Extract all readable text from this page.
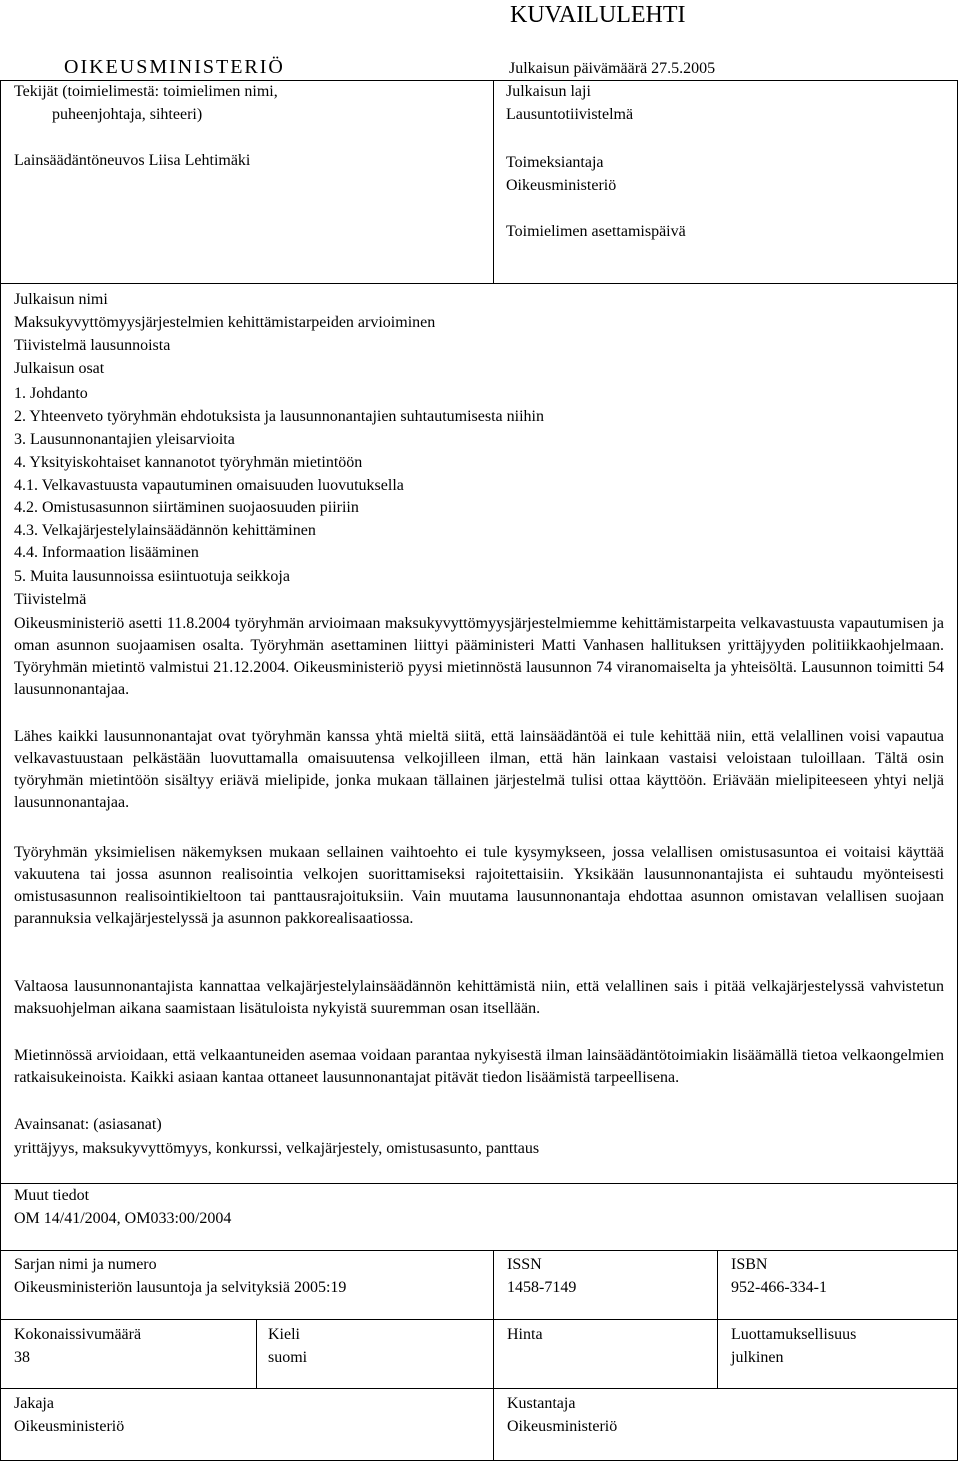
KUVAILULEHTI
OIKEUSMINISTERIÖ	Julkaisun päivämäärä 27.5.2005
Tekijät (toimielimestä: toimielimen nimi,
puheenjohtaja, sihteeri)
Lainsäädäntöneuvos Liisa Lehtimäki
Julkaisun laji
Lausuntotiivistelmä
Toimeksiantaja
Oikeusministeriö
Toimielimen asettamispäivä
Julkaisun nimi
Maksukyvyttömyysjärjestelmien kehittämistarpeiden arvioiminen
Tiivistelmä lausunnoista
Julkaisun osat
1. Johdanto
2. Yhteenveto työryhmän ehdotuksista ja lausunnonantajien suhtautumisesta niihin
3. Lausunnonantajien yleisarvioita
4. Yksityiskohtaiset kannanotot työryhmän mietintöön
4.1. Velkavastuusta vapautuminen omaisuuden luovutuksella
4.2. Omistusasunnon siirtäminen suojaosuuden piiriin
4.3. Velkajärjestelylainsäädännön kehittäminen
4.4. Informaation lisääminen
5. Muita lausunnoissa esiintuotuja seikkoja
Tiivistelmä

Oikeusministeriö asetti 11.8.2004 työryhmän arvioimaan maksukyvyttömyysjärjestelmiemme kehittämistarpeita velkavastuusta vapautumisen ja oman asunnon suojaamisen osalta. Työryhmän asettaminen liittyi pääministeri Matti Vanhasen hallituksen yrittäjyyden politiikkaohjelmaan. Työryhmän mietintö valmistui 21.12.2004. Oikeusministeriö pyysi mietinnöstä lausunnon 74 viranomaiselta ja yhteisöltä. Lausunnon toimitti 54 lausunnonantajaa.

Lähes kaikki lausunnonantajat ovat työryhmän kanssa yhtä mieltä siitä, että lainsäädäntöä ei tule kehittää niin, että velallinen voisi vapautua velkavastuustaan pelkästään luovuttamalla omaisuutensa velkojilleen ilman, että hän lainkaan vastaisi veloistaan tuloillaan. Tältä osin työryhmän mietintöön sisältyy eriävä mielipide, jonka mukaan tällainen järjestelmä tulisi ottaa käyttöön. Eriävään mielipiteeseen yhtyi neljä lausunnonantajaa.

Työryhmän yksimielisen näkemyksen mukaan sellainen vaihtoehto ei tule kysymykseen, jossa velallisen omistusasuntoa ei voitaisi käyttää vakuutena tai jossa asunnon realisointia velkojen suorittamiseksi rajoitettaisiin. Yksikään lausunnonantajista ei suhtaudu myönteisesti omistusasunnon realisointikieltoon tai panttausrajoituksiin. Vain muutama lausunnonantaja ehdottaa asunnon omistavan velallisen suojaan parannuksia velkajärjestelyssä ja asunnon pakkorealisaatiossa.

Valtaosa lausunnonantajista kannattaa velkajärjestelylainsäädännön kehittämistä niin, että velallinen sais i pitää velkajärjestelyssä vahvistetun maksuohjelman aikana saamistaan lisätuloista nykyistä suuremman osan itsellään.

Mietinnössä arvioidaan, että velkaantuneiden asemaa voidaan parantaa nykyisestä ilman lainsäädäntötoimiakin lisäämällä tietoa velkaongelmien ratkaisukeinoista. Kaikki asiaan kantaa ottaneet lausunnonantajat pitävät tiedon lisäämistä tarpeellisena.

Avainsanat: (asiasanat)
yrittäjyys, maksukyvyttömyys, konkurssi, velkajärjestely, omistusasunto, panttaus
Muut tiedot
OM 14/41/2004, OM033:00/2004
Sarjan nimi ja numero
Oikeusministeriön lausuntoja ja selvityksiä 2005:19
ISSN
1458-7149
ISBN
952-466-334-1
Kokonaissivumäärä
38
Kieli
suomi
Hinta	Luottamuksellisuus
julkinen
Jakaja
Oikeusministeriö
Kustantaja
Oikeusministeriö
